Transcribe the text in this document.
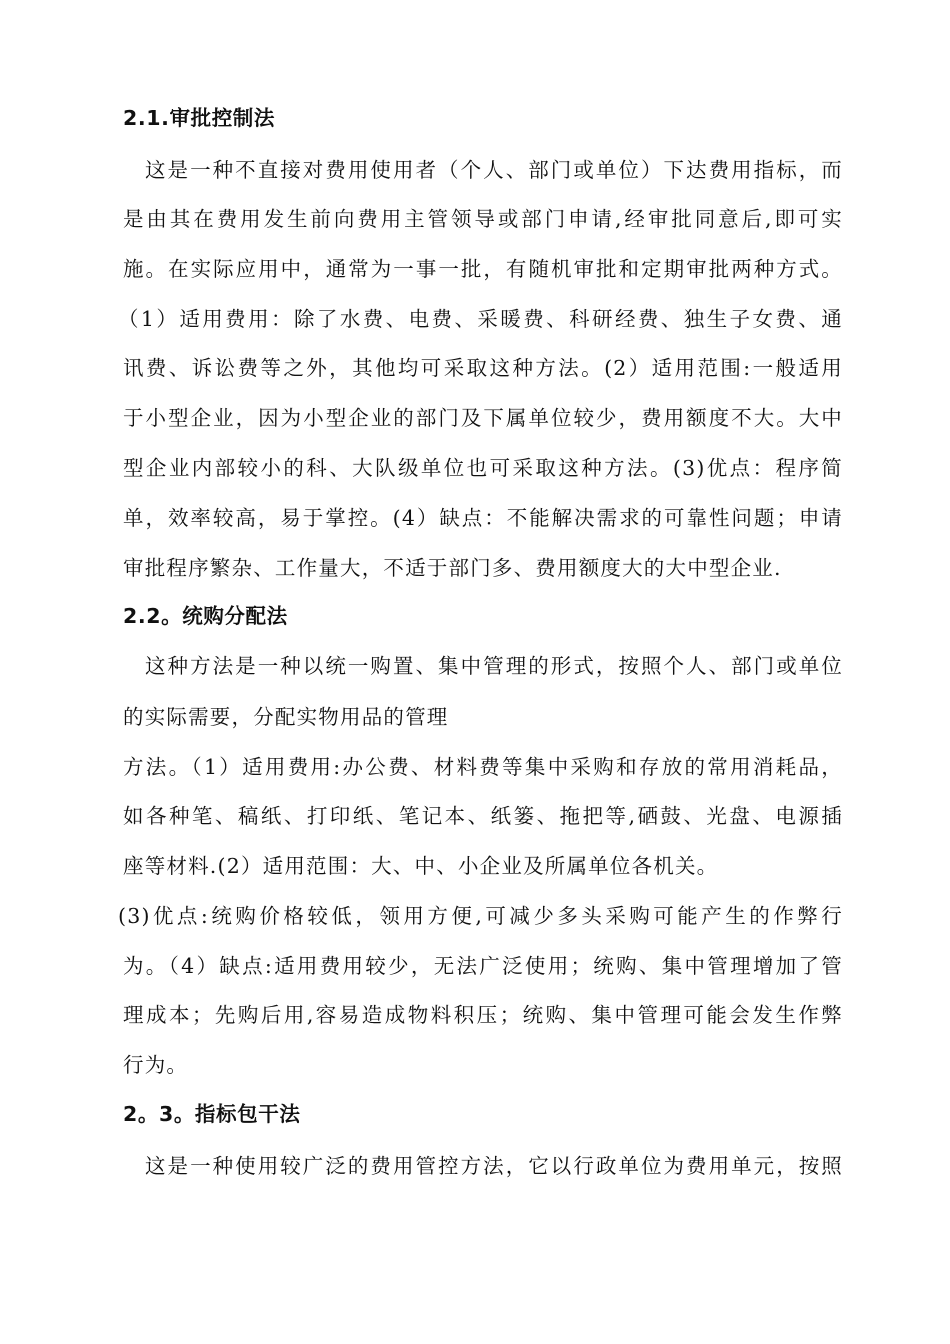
2.1.审批控制法
这是一种不直接对费用使用者（个人、部门或单位）下达费用指标，而
是由其在费用发生前向费用主管领导或部门申请,经审批同意后,即可实
施。在实际应用中，通常为一事一批，有随机审批和定期审批两种方式。
（1）适用费用：除了水费、电费、采暖费、科研经费、独生子女费、通
讯费、诉讼费等之外，其他均可采取这种方法。(2）适用范围:一般适用
于小型企业，因为小型企业的部门及下属单位较少，费用额度不大。大中
型企业内部较小的科、大队级单位也可采取这种方法。(3)优点：程序简
单，效率较高，易于掌控。(4）缺点：不能解决需求的可靠性问题；申请
审批程序繁杂、工作量大，不适于部门多、费用额度大的大中型企业.
2.2。统购分配法
这种方法是一种以统一购置、集中管理的形式，按照个人、部门或单位
的实际需要，分配实物用品的管理
方法。（1）适用费用:办公费、材料费等集中采购和存放的常用消耗品，
如各种笔、稿纸、打印纸、笔记本、纸篓、拖把等,硒鼓、光盘、电源插
座等材料.(2）适用范围：大、中、小企业及所属单位各机关。
(3)优点:统购价格较低，领用方便,可减少多头采购可能产生的作弊行
为。（4）缺点:适用费用较少，无法广泛使用；统购、集中管理增加了管
理成本；先购后用,容易造成物料积压；统购、集中管理可能会发生作弊
行为。
2。3。指标包干法
这是一种使用较广泛的费用管控方法，它以行政单位为费用单元，按照
